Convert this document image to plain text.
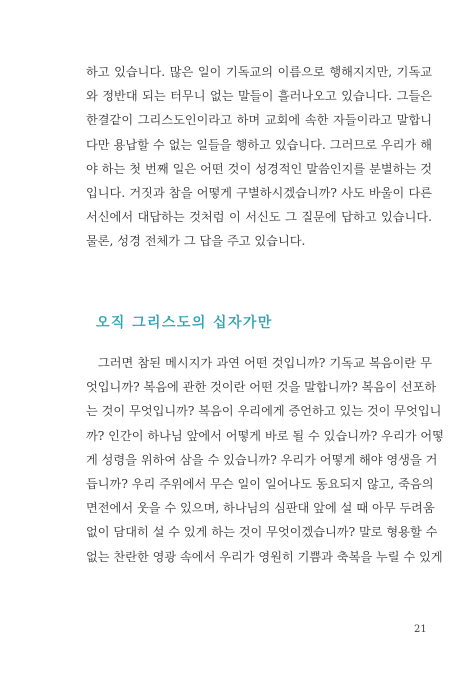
하고 있습니다. 많은 일이 기독교의 이름으로 행해지지만, 기독교
와 정반대 되는 터무니 없는 말들이 흘러나오고 있습니다. 그들은
한결같이 그리스도인이라고 하며 교회에 속한 자들이라고 말합니
다만 용납할 수 없는 일들을 행하고 있습니다. 그러므로 우리가 해
야 하는 첫 번째 일은 어떤 것이 성경적인 말씀인지를 분별하는 것
입니다. 거짓과 참을 어떻게 구별하시겠습니까? 사도 바울이 다른
서신에서 대답하는 것처럼 이 서신도 그 질문에 답하고 있습니다.
물론, 성경 전체가 그 답을 주고 있습니다.

오직 그리스도의 십자가만

그러면 참된 메시지가 과연 어떤 것입니까? 기독교 복음이란 무
엇입니까? 복음에 관한 것이란 어떤 것을 말합니까? 복음이 선포하
는 것이 무엇입니까? 복음이 우리에게 증언하고 있는 것이 무엇입니
까? 인간이 하나님 앞에서 어떻게 바로 될 수 있습니까? 우리가 어떻
게 성령을 위하여 삼을 수 있습니까? 우리가 어떻게 해야 영생을 거
듭니까? 우리 주위에서 무슨 일이 일어나도 동요되지 않고, 죽음의
면전에서 웃을 수 있으며, 하나님의 심판대 앞에 설 때 아무 두려움
없이 담대히 설 수 있게 하는 것이 무엇이겠습니까? 말로 형용할 수
없는 찬란한 영광 속에서 우리가 영원히 기쁨과 축복을 누릴 수 있게

21
